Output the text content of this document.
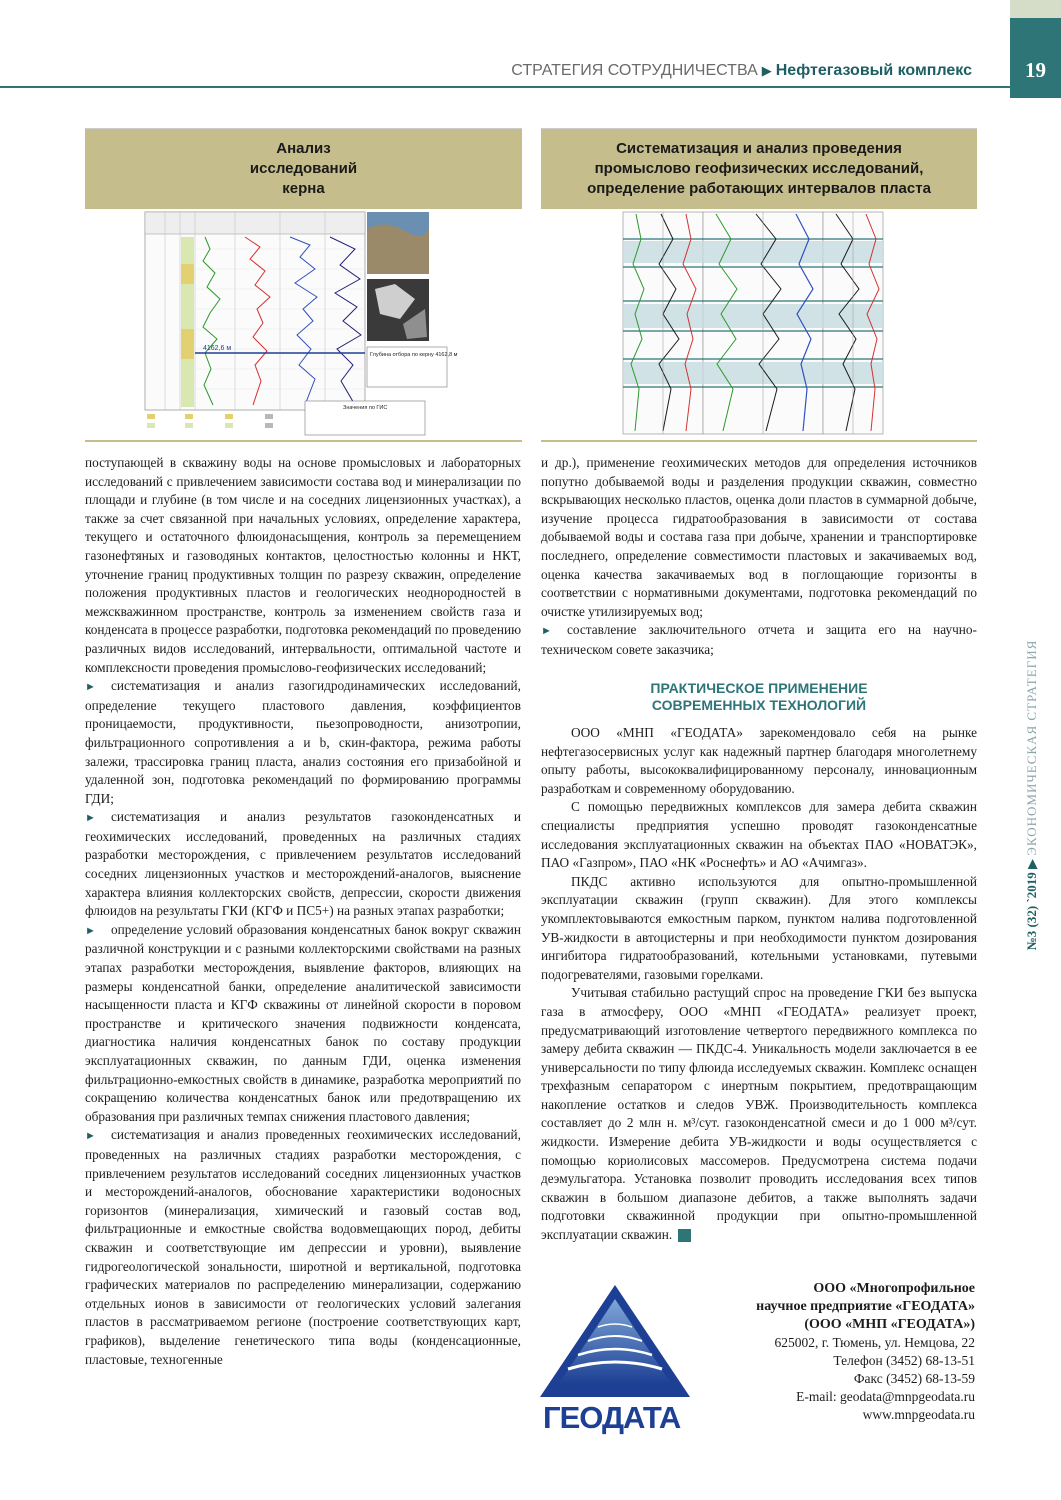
СТРАТЕГИЯ СОТРУДНИЧЕСТВА ▶ Нефтегазовый комплекс	19
Анализ
исследований
керна
4162,6 м
Глубина отбора по керну 4162,8 м
Значения по ГИС
Систематизация и анализ проведения
промыслово геофизических исследований,
определение работающих интервалов пласта

поступающей в скважину воды на основе промысловых и лабораторных исследований с привлечением зависимости состава вод и минерализации по площади и глубине (в том числе и на соседних лицензионных участках), а также за счет связанной при начальных условиях, определение характера, текущего и остаточного флюидонасыщения, контроль за перемещением газонефтяных и газоводяных контактов, целостностью колонны и НКТ, уточнение границ продуктивных толщин по разрезу скважин, определение положения продуктивных пластов и геологических неоднородностей в межскважинном пространстве, контроль за изменением свойств газа и конденсата в процессе разработки, подготовка рекомендаций по проведению различных видов исследований, интервальности, оптимальной частоте и комплексности проведения промыслово-геофизических исследований;

► систематизация и анализ газогидродинамических исследований, определение текущего пластового давления, коэффициентов проницаемости, продуктивности, пьезопроводности, анизотропии, фильтрационного сопротивления a и b, скин-фактора, режима работы залежи, трассировка границ пласта, анализ состояния его призабойной и удаленной зон, подготовка рекомендаций по формированию программы ГДИ;

► систематизация и анализ результатов газоконденсатных и геохимических исследований, проведенных на различных стадиях разработки месторождения, с привлечением результатов исследований соседних лицензионных участков и месторождений-аналогов, выяснение характера влияния коллекторских свойств, депрессии, скорости движения флюидов на результаты ГКИ (КГФ и ПС5+) на разных этапах разработки;

► определение условий образования конденсатных банок вокруг скважин различной конструкции и с разными коллекторскими свойствами на разных этапах разработки месторождения, выявление факторов, влияющих на размеры конденсатной банки, определение аналитической зависимости насыщенности пласта и КГФ скважины от линейной скорости в поровом пространстве и критического значения подвижности конденсата, диагностика наличия конденсатных банок по составу продукции эксплуатационных скважин, по данным ГДИ, оценка изменения фильтрационно-емкостных свойств в динамике, разработка мероприятий по сокращению количества конденсатных банок или предотвращению их образования при различных темпах снижения пластового давления;

► систематизация и анализ проведенных геохимических исследований, проведенных на различных стадиях разработки месторождения, с привлечением результатов исследований соседних лицензионных участков и месторождений-аналогов, обоснование характеристики водоносных горизонтов (минерализация, химический и газовый состав вод, фильтрационные и емкостные свойства водовмещающих пород, дебиты скважин и соответствующие им депрессии и уровни), выявление гидрогеологической зональности, широтной и вертикальной, подготовка графических материалов по распределению минерализации, содержанию отдельных ионов в зависимости от геологических условий залегания пластов в рассматриваемом регионе (построение соответствующих карт, графиков), выделение генетического типа воды (конденсационные, пластовые, техногенные

и др.), применение геохимических методов для определения источников попутно добываемой воды и разделения продукции скважин, совместно вскрывающих несколько пластов, оценка доли пластов в суммарной добыче, изучение процесса гидратообразования в зависимости от состава добываемой воды и состава газа при добыче, хранении и транспортировке последнего, определение совместимости пластовых и закачиваемых вод, оценка качества закачиваемых вод в поглощающие горизонты в соответствии с нормативными документами, подготовка рекомендаций по очистке утилизируемых вод;

► составление заключительного отчета и защита его на научно-техническом совете заказчика;

ПРАКТИЧЕСКОЕ ПРИМЕНЕНИЕ
СОВРЕМЕННЫХ ТЕХНОЛОГИЙ

ООО «МНП «ГЕОДАТА» зарекомендовало себя на рынке нефтегазосервисных услуг как надежный партнер благодаря многолетнему опыту работы, высококвалифицированному персоналу, инновационным разработкам и современному оборудованию.

С помощью передвижных комплексов для замера дебита скважин специалисты предприятия успешно проводят газоконденсатные исследования эксплуатационных скважин на объектах ПАО «НОВАТЭК», ПАО «Газпром», ПАО «НК «Роснефть» и АО «Ачимгаз».

ПКДС активно используются для опытно-промышленной эксплуатации скважин (групп скважин). Для этого комплексы укомплектовываются емкостным парком, пунктом налива подготовленной УВ-жидкости в автоцистерны и при необходимости пунктом дозирования ингибитора гидратообразований, котельными установками, путевыми подогревателями, газовыми горелками.

Учитывая стабильно растущий спрос на проведение ГКИ без выпуска газа в атмосферу, ООО «МНП «ГЕОДАТА» реализует проект, предусматривающий изготовление четвертого передвижного комплекса по замеру дебита скважин — ПКДС-4. Уникальность модели заключается в ее универсальности по типу флюида исследуемых скважин. Комплекс оснащен трехфазным сепаратором с инертным покрытием, предотвращающим накопление остатков и следов УВЖ. Производительность комплекса составляет до 2 млн н. м³/сут. газоконденсатной смеси и до 1 000 м³/сут. жидкости. Измерение дебита УВ-жидкости и воды осуществляется с помощью кориолисовых массомеров. Предусмотрена система подачи деэмульгатора. Установка позволит проводить исследования всех типов скважин в большом диапазоне дебитов, а также выполнять задачи подготовки скважинной продукции при опытно-промышленной эксплуатации скважин.	Р

№3 (32) `2019 ▶ ЭКОНОМИЧЕСКАЯ СТРАТЕГИЯ
ГЕОДАТА
ООО «Многопрофильное
научное предприятие «ГЕОДАТА»
(ООО «МНП «ГЕОДАТА»)
625002, г. Тюмень, ул. Немцова, 22
Телефон (3452) 68-13-51
Факс (3452) 68-13-59
E-mail: geodata@mnpgeodata.ru
www.mnpgeodata.ru
